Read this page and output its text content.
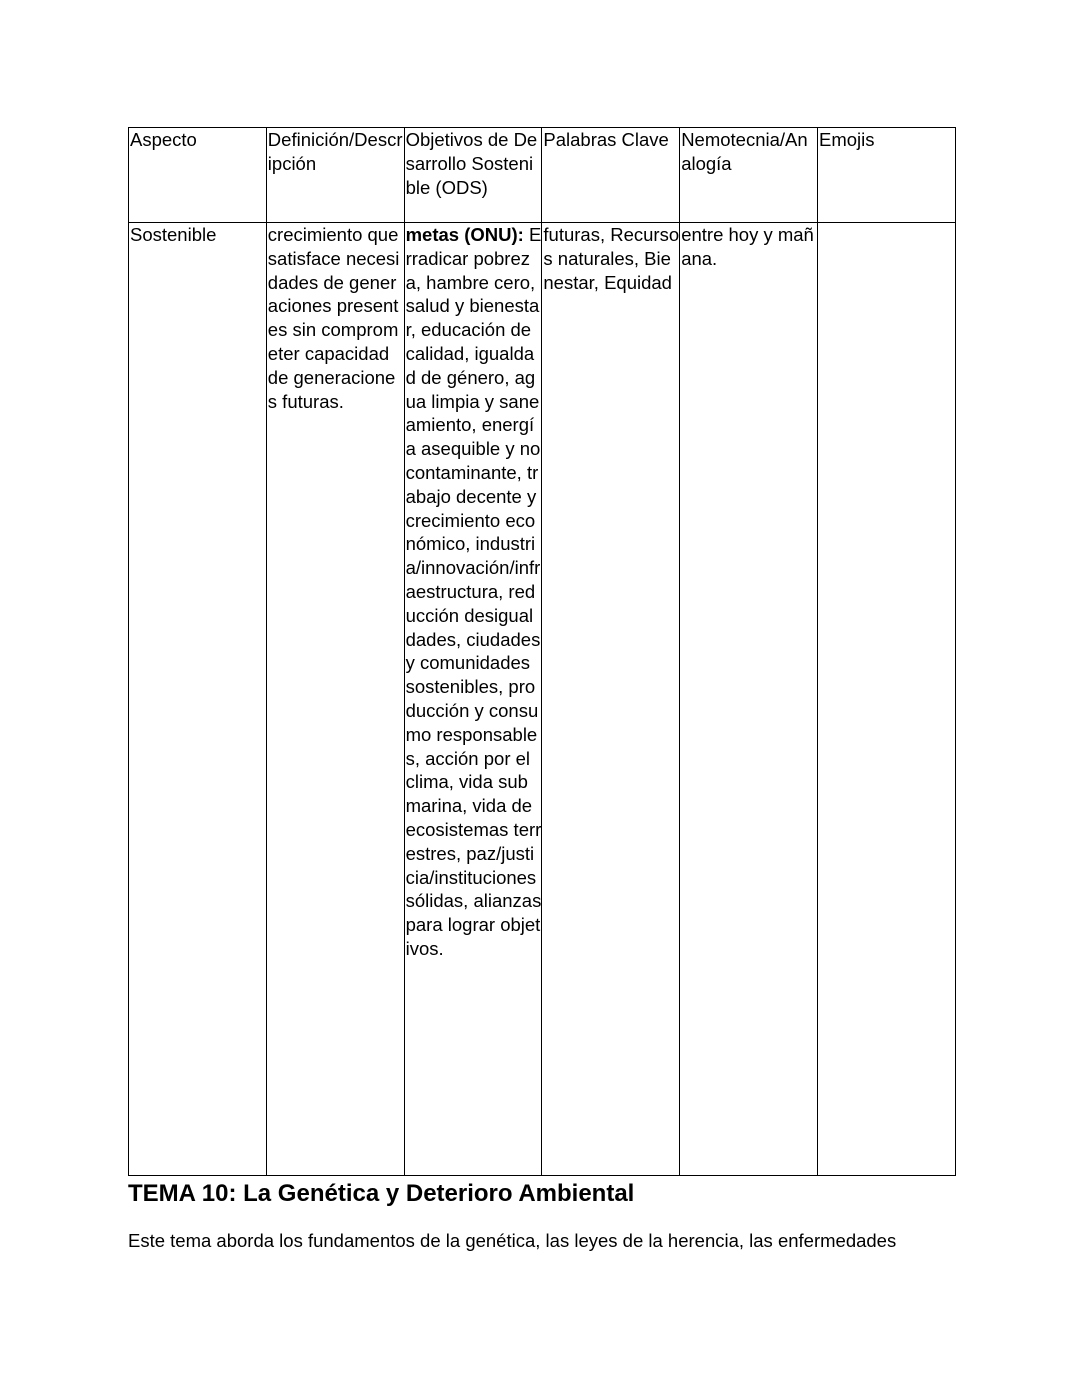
Aspecto	Definición/Descripción	Objetivos de Desarrollo Sostenible (ODS)	Palabras Clave	Nemotecnia/Analogía	Emojis
Sostenible	crecimiento que satisface necesidades de generaciones presentes sin comprometer capacidad de generaciones futuras.	metas (ONU): Erradicar pobreza, hambre cero, salud y bienestar, educación de calidad, igualdad de género, agua limpia y saneamiento, energía asequible y no contaminante, trabajo decente y crecimiento económico, industria/innovación/infraestructura, reducción desigualdades, ciudades y comunidades sostenibles, producción y consumo responsables, acción por el clima, vida submarina, vida de ecosistemas terrestres, paz/justicia/instituciones sólidas, alianzas para lograr objetivos.	futuras, Recursos naturales, Bienestar, Equidad	entre hoy y mañana.	
TEMA 10: La Genética y Deterioro Ambiental

Este tema aborda los fundamentos de la genética, las leyes de la herencia, las enfermedades
